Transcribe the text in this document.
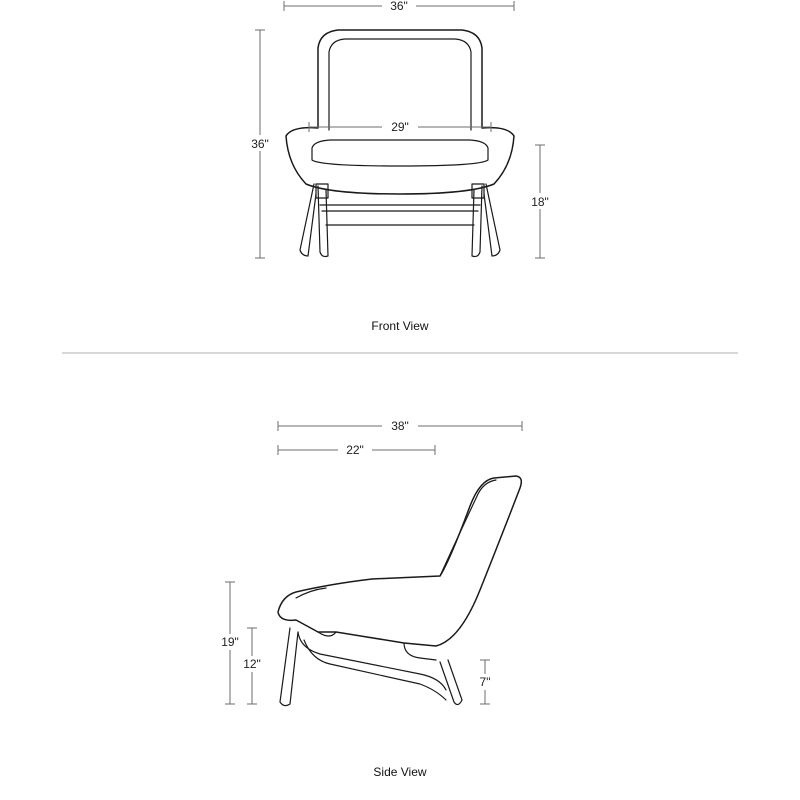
36"
36"
18"
29"
Front View
38"
22"
19"
12"
7"
Side View
